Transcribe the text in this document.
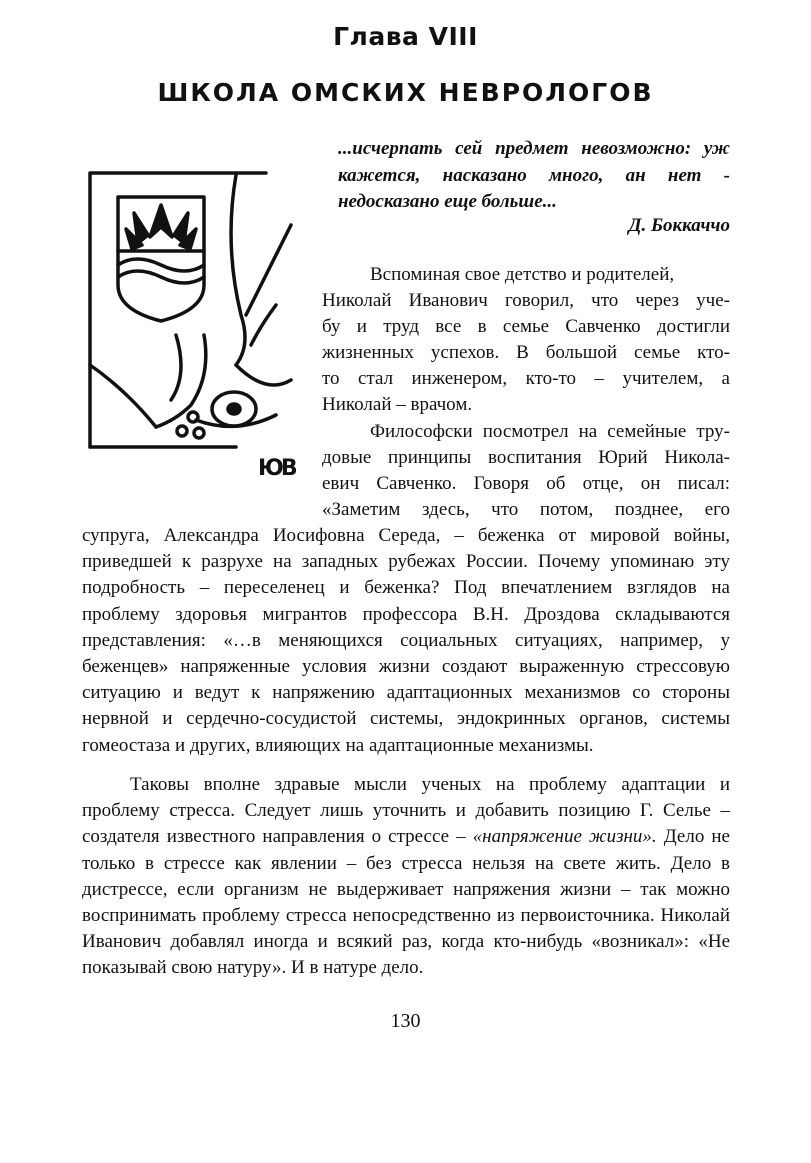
Глава VIII
ШКОЛА ОМСКИХ НЕВРОЛОГОВ
...исчерпать сей предмет невозможно: уж кажется, насказано много, ан нет - недосказано еще больше...
Д. Боккаччо
ЮВ
Вспоминая свое детство и родителей,
Николай Иванович говорил, что через уче-
бу и труд все в семье Савченко достигли
жизненных успехов. В большой семье кто-
то стал инженером, кто-то – учителем, а
Николай – врачом.
Философски посмотрел на семейные тру-
довые принципы воспитания Юрий Никола-
евич Савченко. Говоря об отце, он писал:
«Заметим здесь, что потом, позднее, его
супруга, Александра Иосифовна Середа, – беженка от мировой войны, приведшей к разрухе на западных рубежах России. Почему упоминаю эту подробность – переселенец и беженка? Под впечатлением взглядов на проблему здоровья мигрантов профессора В.Н. Дроздова складываются представления: «…в меняющихся социальных ситуациях, например, у беженцев» напряженные условия жизни создают выраженную стрессовую ситуацию и ведут к напряжению адаптационных механизмов со стороны нервной и сердечно-сосудистой системы, эндокринных органов, системы гомеостаза и других, влияющих на адаптационные механизмы.
Таковы вполне здравые мысли ученых на проблему адаптации и проблему стресса. Следует лишь уточнить и добавить позицию Г. Селье – создателя известного направления о стрессе – «напряжение жизни». Дело не только в стрессе как явлении – без стресса нельзя на свете жить. Дело в дистрессе, если организм не выдерживает напряжения жизни – так можно воспринимать проблему стресса непосредственно из первоисточника. Николай Иванович добавлял иногда и всякий раз, когда кто-нибудь «возникал»: «Не показывай свою натуру». И в натуре дело.
130
